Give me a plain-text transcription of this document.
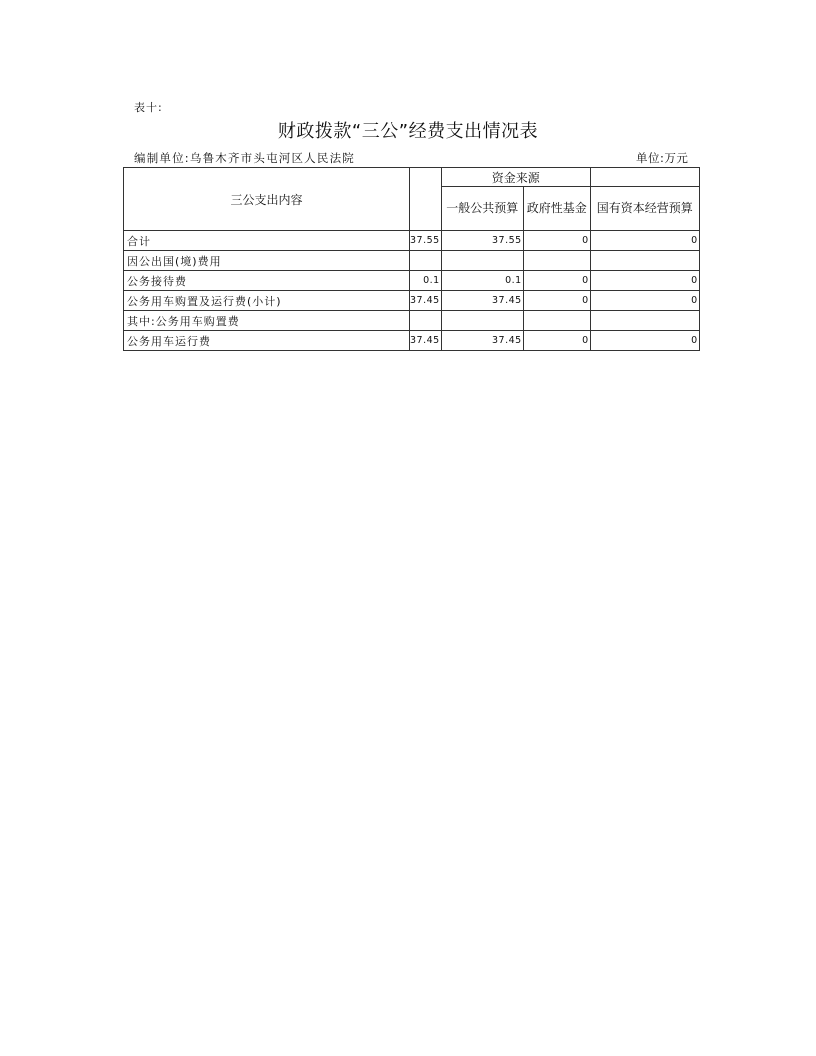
表十:
财政拨款“三公”经费支出情况表
编制单位:乌鲁木齐市头屯河区人民法院	单位:万元
三公支出内容		资金来源		
		一般公共预算	政府性基金	国有资本经营预算
合计	37.55	37.55	0	0
因公出国(境)费用				
公务接待费	0.1	0.1	0	0
公务用车购置及运行费(小计)	37.45	37.45	0	0
其中:公务用车购置费				
公务用车运行费	37.45	37.45	0	0
